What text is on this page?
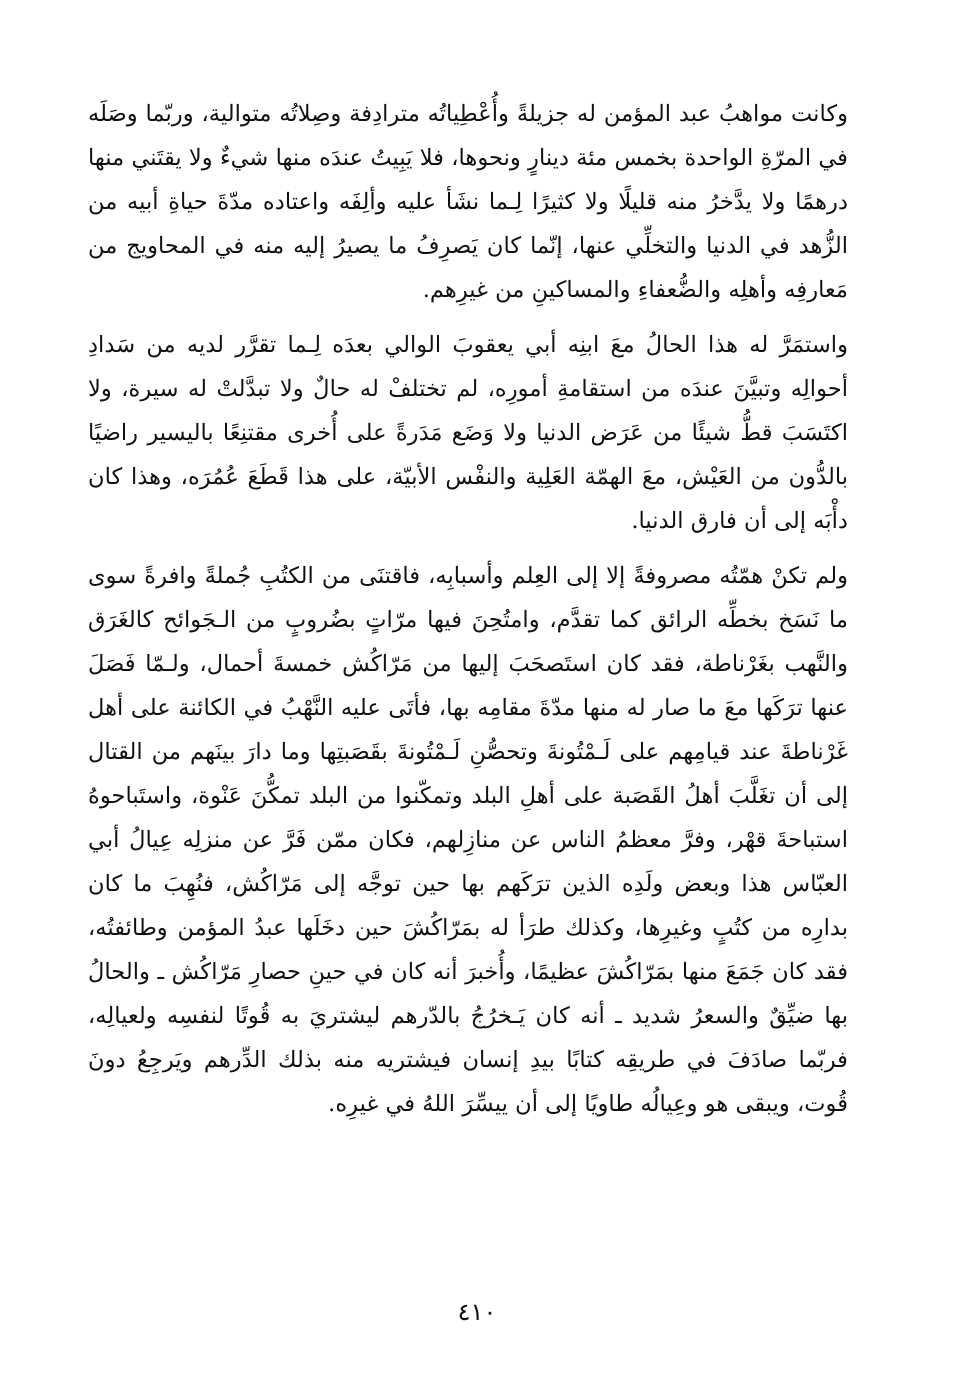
وكانت مواهبُ عبد المؤمن له جزيلةً وأُعْطِياتُه مترادِفة وصِلاتُه متوالية، وربّما وصَلَه في المرّةِ الواحدة بخمس مئة دينارٍ ونحوها، فلا يَبِيتُ عندَه منها شيءٌ ولا يقتَني منها درهمًا ولا يدَّخرُ منه قليلًا ولا كثيرًا لِـما نشَأ عليه وألِفَه واعتاده مدّةَ حياةِ أبيه من الزُّهد في الدنيا والتخلِّي عنها، إنّما كان يَصرِفُ ما يصيرُ إليه منه في المحاويج من مَعارفِه وأهلِه والضُّعفاءِ والمساكينِ من غيرِهم.

واستمَرَّ له هذا الحالُ معَ ابنِه أبي يعقوبَ الوالي بعدَه لِـما تقرَّر لديه من سَدادِ أحوالِه وتبيَّنَ عندَه من استقامةِ أمورِه، لم تختلفْ له حالٌ ولا تبدَّلتْ له سيرة، ولا اكتَسَبَ قطُّ شيئًا من عَرَض الدنيا ولا وَضَع مَدَرةً على أُخرى مقتنِعًا باليسير راضيًا بالدُّون من العَيْش، معَ الهمّة العَلِية والنفْس الأبيّة، على هذا قَطَعَ عُمُرَه، وهذا كان دأْبَه إلى أن فارق الدنيا.

ولم تكنْ همّتُه مصروفةً إلا إلى العِلم وأسبابِه، فاقتنَى من الكتُبِ جُملةً وافرةً سوى ما نَسَخ بخطِّه الرائق كما تقدَّم، وامتُحِنَ فيها مرّاتٍ بضُروبٍ من الـجَوائح كالغَرَق والنَّهب بغَرْناطة، فقد كان استَصحَبَ إليها من مَرّاكُش خمسةَ أحمال، ولـمّا فَصَلَ عنها ترَكَها معَ ما صار له منها مدّةَ مقامِه بها، فأتَى عليه النَّهْبُ في الكائنة على أهل غَرْناطةَ عند قيامِهم على لَـمْتُونةَ وتحصُّنِ لَـمْتُونةَ بقَصَبتِها وما دارَ بينَهم من القتال إلى أن تغَلَّبَ أهلُ القَصَبة على أهلِ البلد وتمكّنوا من البلد تمكُّنَ عَنْوة، واستَباحوهُ استباحةَ قهْر، وفرَّ معظمُ الناس عن منازِلهم، فكان ممّن فَرَّ عن منزلِه عِيالُ أبي العبّاس هذا وبعض ولَدِه الذين ترَكَهم بها حين توجَّه إلى مَرّاكُش، فنُهِبَ ما كان بدارِه من كتُبٍ وغيرِها، وكذلك طرَأ له بمَرّاكُشَ حين دخَلَها عبدُ المؤمن وطائفتُه، فقد كان جَمَعَ منها بمَرّاكُشَ عظيمًا، وأُخبرَ أنه كان في حينِ حصارِ مَرّاكُش ـ والحالُ بها ضيِّقٌ والسعرُ شديد ـ أنه كان يَـخرُجُ بالدّرهم ليشتريَ به قُوتًا لنفسِه ولعيالِه، فربّما صادَفَ في طريقِه كتابًا بيدِ إنسان فيشتريه منه بذلك الدِّرهم ويَرجِعُ دونَ قُوت، ويبقى هو وعِيالُه طاويًا إلى أن ييسِّرَ اللهُ في غيرِه.

٤١٠
